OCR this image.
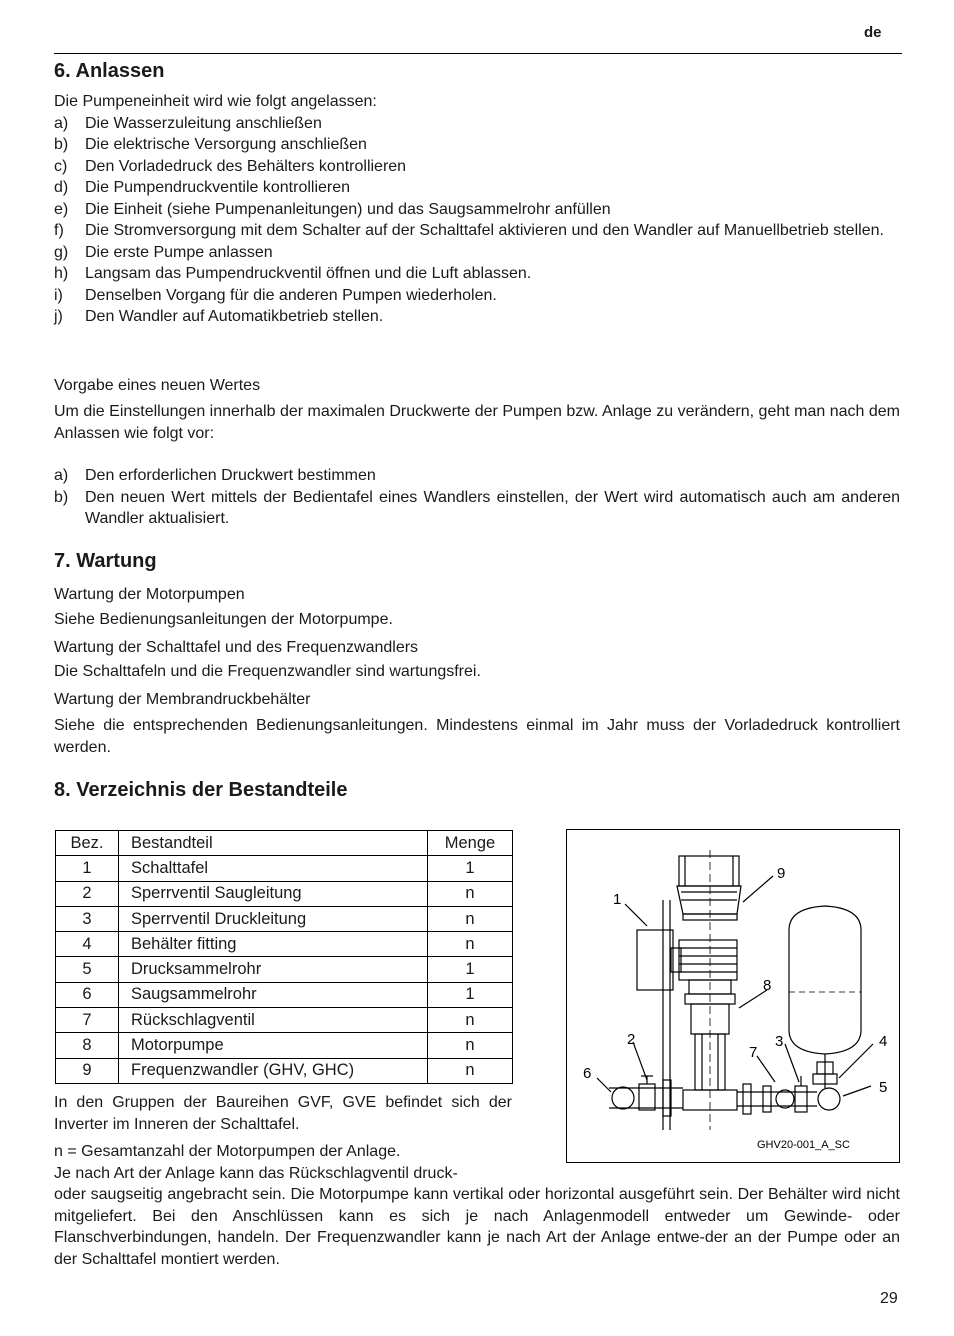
de
6. Anlassen
Die Pumpeneinheit wird wie folgt angelassen:
a) Die Wasserzuleitung anschließen
b) Die elektrische Versorgung anschließen
c) Den Vorladedruck des Behälters kontrollieren
d) Die Pumpendruckventile kontrollieren
e) Die Einheit (siehe Pumpenanleitungen) und das Saugsammelrohr anfüllen
f) Die Stromversorgung mit dem Schalter auf der Schalttafel aktivieren und den Wandler auf Manuellbetrieb stellen.
g) Die erste Pumpe anlassen
h) Langsam das Pumpendruckventil öffnen und die Luft ablassen.
i) Denselben Vorgang für die anderen Pumpen wiederholen.
j) Den Wandler auf Automatikbetrieb stellen.
Vorgabe eines neuen Wertes
Um die Einstellungen innerhalb der maximalen Druckwerte der Pumpen bzw. Anlage zu verändern, geht man nach dem Anlassen wie folgt vor:
a) Den erforderlichen Druckwert bestimmen
b) Den neuen Wert mittels der Bedientafel eines Wandlers einstellen, der Wert wird automatisch auch am anderen Wandler aktualisiert.
7. Wartung
Wartung der Motorpumpen
Siehe Bedienungsanleitungen der Motorpumpe.
Wartung der Schalttafel und des Frequenzwandlers
Die Schalttafeln und die Frequenzwandler sind wartungsfrei.
Wartung der Membrandruckbehälter
Siehe die entsprechenden Bedienungsanleitungen. Mindestens einmal im Jahr muss der Vorladedruck kontrolliert werden.
8. Verzeichnis der Bestandteile
Bez.	Bestandteil	Menge
1	Schalttafel	1
2	Sperrventil Saugleitung	n
3	Sperrventil Druckleitung	n
4	Behälter fitting	n
5	Drucksammelrohr	1
6	Saugsammelrohr	1
7	Rückschlagventil	n
8	Motorpumpe	n
9	Frequenzwandler (GHV, GHC)	n
In den Gruppen der Baureihen GVF, GVE befindet sich der Inverter im Inneren der Schalttafel.
n = Gesamtanzahl der Motorpumpen der Anlage.
Je nach Art der Anlage kann das Rückschlagventil druck-
oder saugseitig angebracht sein. Die Motorpumpe kann vertikal oder horizontal ausgeführt sein. Der Behälter wird nicht mitgeliefert. Bei den Anschlüssen kann es sich je nach Anlagenmodell entweder um Gewinde- oder Flanschverbindungen, handeln. Der Frequenzwandler kann je nach Art der Anlage entwe-der an der Pumpe oder an der Schalttafel montiert werden.
1
2	3	4
5
6
7
8
9
GHV20-001_A_SC
29
